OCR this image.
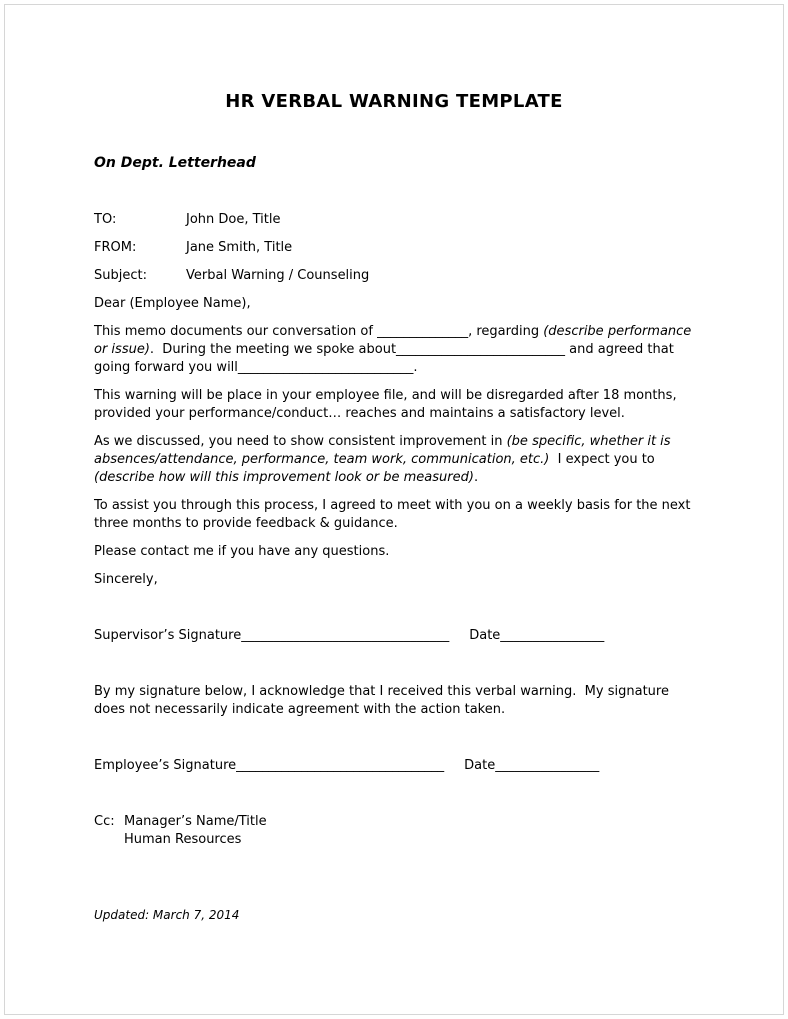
HR VERBAL WARNING TEMPLATE

On Dept. Letterhead

TO:	John Doe, Title
FROM:	Jane Smith, Title
Subject:	Verbal Warning / Counseling

Dear (Employee Name),

This memo documents our conversation of ______________, regarding (describe performance or issue).  During the meeting we spoke about__________________________ and agreed that going forward you will___________________________.

This warning will be place in your employee file, and will be disregarded after 18 months, provided your performance/conduct… reaches and maintains a satisfactory level.

As we discussed, you need to show consistent improvement in (be specific, whether it is absences/attendance, performance, team work, communication, etc.)  I expect you to (describe how will this improvement look or be measured).

To assist you through this process, I agreed to meet with you on a weekly basis for the next three months to provide feedback & guidance.

Please contact me if you have any questions.

Sincerely,

Supervisor’s Signature________________________________ Date________________

By my signature below, I acknowledge that I received this verbal warning.  My signature does not necessarily indicate agreement with the action taken.

Employee’s Signature________________________________ Date________________

Cc: Manager’s Name/Title
Human Resources

Updated: March 7, 2014
